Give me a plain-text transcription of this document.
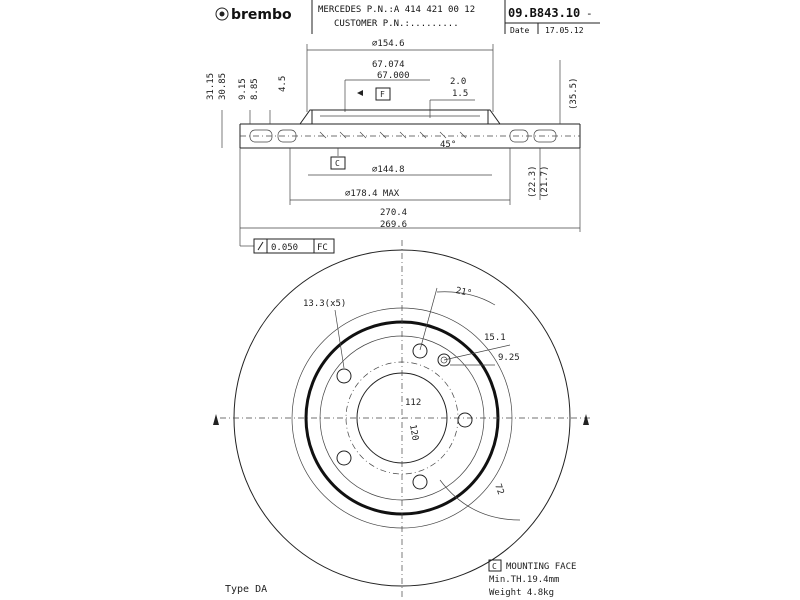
brembo	MERCEDES P.N.:A 414 421 00 12
CUSTOMER P.N.:.........
09.B843.10 -
Date 17.05.12
∅154.6
67.074
67.000
2.0
1.5
F
45°
C
∅144.8
∅178.4 MAX
270.4
269.6
31.15 30.85 9.15 8.85 4.5	(35.5)
(22.3) (21.7)
0.050 FC
13.3(x5)
21°
15.1
9.25
112
120
72
C MOUNTING FACE
Min.TH.19.4mm
Weight 4.8kg
Type DA
